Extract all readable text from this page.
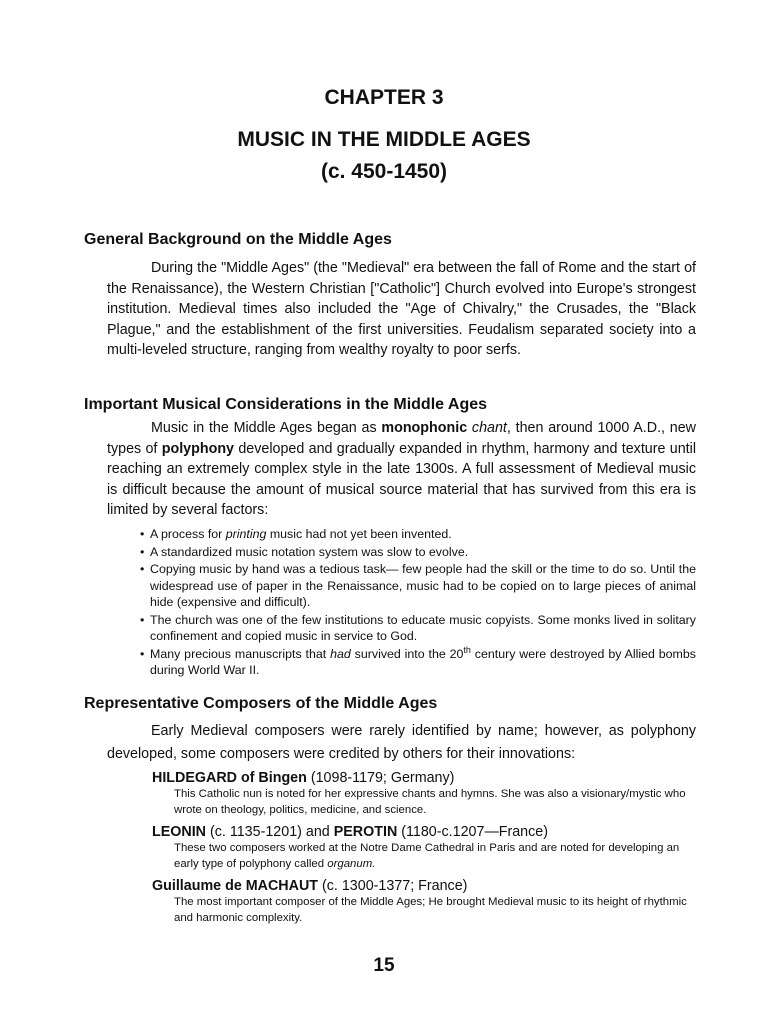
CHAPTER 3
MUSIC IN THE MIDDLE AGES
(c. 450-1450)
General Background on the Middle Ages

During the "Middle Ages" (the "Medieval" era between the fall of Rome and the start of the Renaissance), the Western Christian ["Catholic"] Church evolved into Europe's strongest institution. Medieval times also included the "Age of Chivalry," the Crusades, the "Black Plague," and the establishment of the first universities. Feudalism separated society into a multi-leveled structure, ranging from wealthy royalty to poor serfs.

Important Musical Considerations in the Middle Ages

Music in the Middle Ages began as monophonic chant, then around 1000 A.D., new types of polyphony developed and gradually expanded in rhythm, harmony and texture until reaching an extremely complex style in the late 1300s. A full assessment of Medieval music is difficult because the amount of musical source material that has survived from this era is limited by several factors:

• A process for printing music had not yet been invented.
• A standardized music notation system was slow to evolve.
• Copying music by hand was a tedious task— few people had the skill or the time to do so. Until the widespread use of paper in the Renaissance, music had to be copied on to large pieces of animal hide (expensive and difficult).
• The church was one of the few institutions to educate music copyists. Some monks lived in solitary confinement and copied music in service to God.
• Many precious manuscripts that had survived into the 20th century were destroyed by Allied bombs during World War II.
Representative Composers of the Middle Ages

Early Medieval composers were rarely identified by name; however, as polyphony developed, some composers were credited by others for their innovations:

HILDEGARD of Bingen (1098-1179; Germany)
This Catholic nun is noted for her expressive chants and hymns. She was also a visionary/mystic who wrote on theology, politics, medicine, and science.
LEONIN (c. 1135-1201) and PEROTIN (1180-c.1207—France)
These two composers worked at the Notre Dame Cathedral in Paris and are noted for developing an early type of polyphony called organum.
Guillaume de MACHAUT (c. 1300-1377; France)
The most important composer of the Middle Ages; He brought Medieval music to its height of rhythmic and harmonic complexity.
15
